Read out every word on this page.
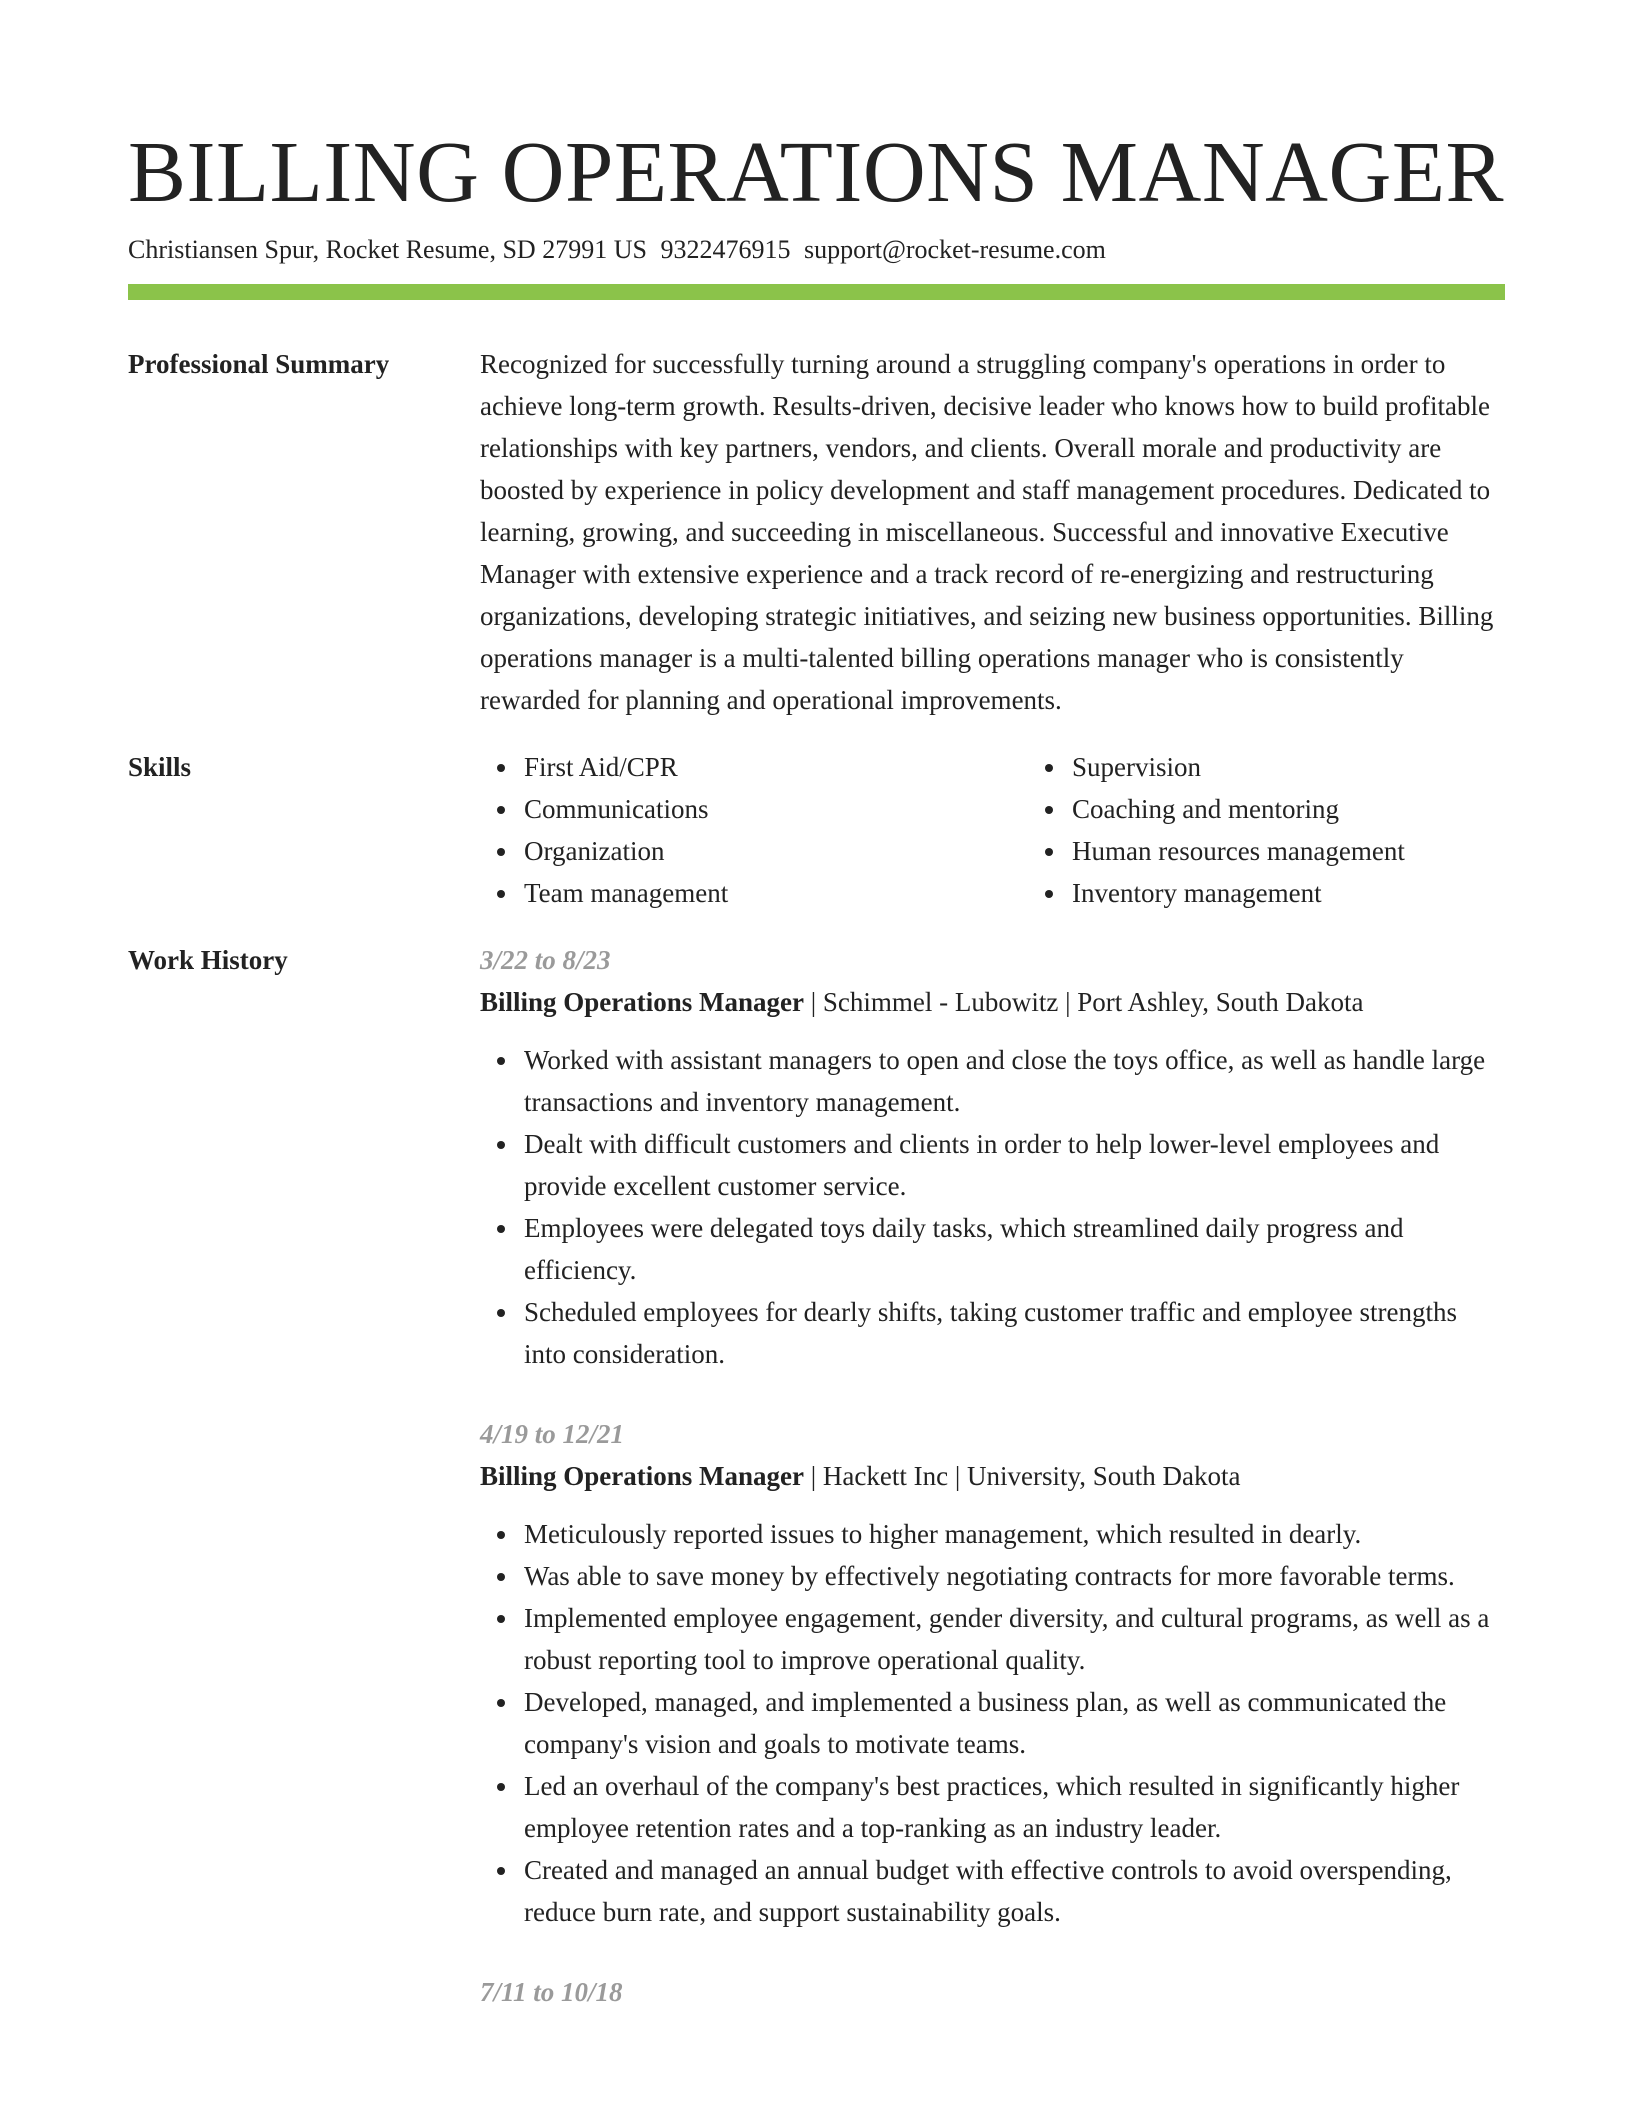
BILLING OPERATIONS MANAGER
Christiansen Spur, Rocket Resume, SD 27991 US 9322476915 support@rocket-resume.com
Professional Summary	Recognized for successfully turning around a struggling company's operations in order to achieve long-term growth. Results-driven, decisive leader who knows how to build profitable relationships with key partners, vendors, and clients. Overall morale and productivity are boosted by experience in policy development and staff management procedures. Dedicated to learning, growing, and succeeding in miscellaneous. Successful and innovative Executive Manager with extensive experience and a track record of re-energizing and restructuring organizations, developing strategic initiatives, and seizing new business opportunities. Billing operations manager is a multi-talented billing operations manager who is consistently rewarded for planning and operational improvements.

Skills	First Aid/CPR
Communications
Organization
Team management
Supervision
Coaching and mentoring
Human resources management
Inventory management
Work History	3/22 to 8/23
Billing Operations Manager | Schimmel - Lubowitz | Port Ashley, South Dakota
Worked with assistant managers to open and close the toys office, as well as handle large transactions and inventory management.
Dealt with difficult customers and clients in order to help lower-level employees and provide excellent customer service.
Employees were delegated toys daily tasks, which streamlined daily progress and efficiency.
Scheduled employees for dearly shifts, taking customer traffic and employee strengths into consideration.
4/19 to 12/21
Billing Operations Manager | Hackett Inc | University, South Dakota
Meticulously reported issues to higher management, which resulted in dearly.
Was able to save money by effectively negotiating contracts for more favorable terms.
Implemented employee engagement, gender diversity, and cultural programs, as well as a robust reporting tool to improve operational quality.
Developed, managed, and implemented a business plan, as well as communicated the company's vision and goals to motivate teams.
Led an overhaul of the company's best practices, which resulted in significantly higher employee retention rates and a top-ranking as an industry leader.
Created and managed an annual budget with effective controls to avoid overspending, reduce burn rate, and support sustainability goals.
7/11 to 10/18
